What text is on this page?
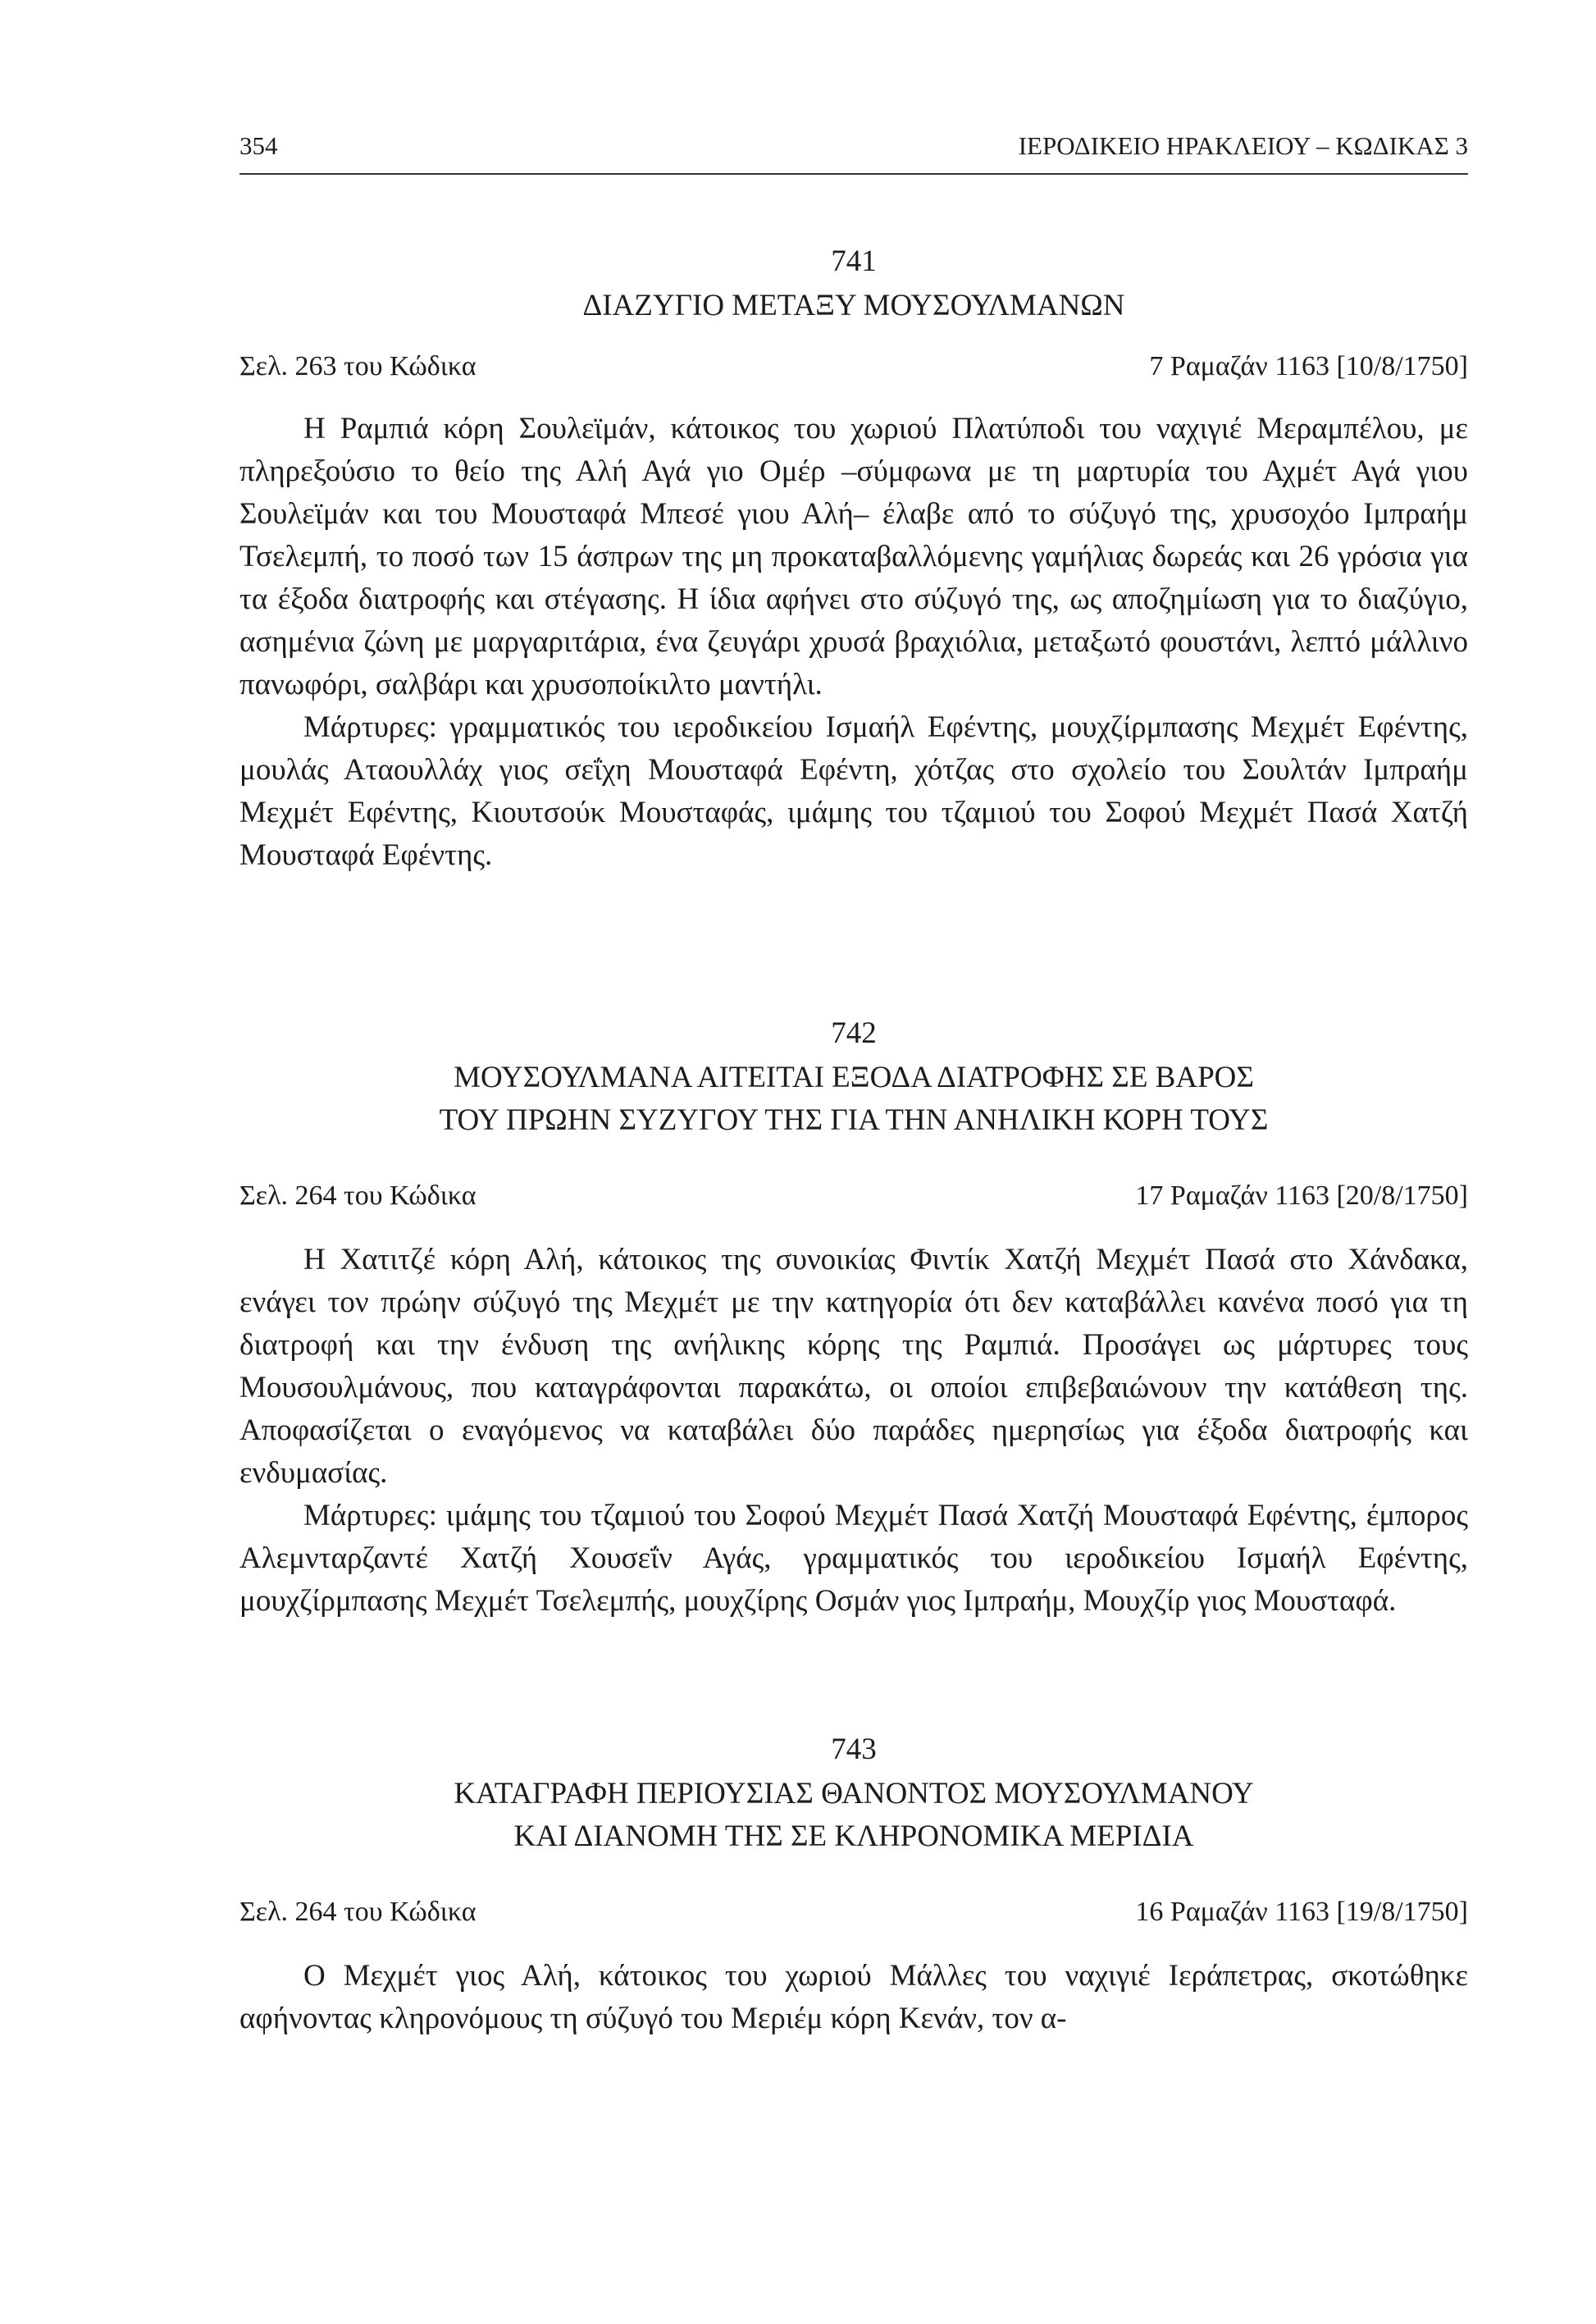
354	ΙΕΡΟΔΙΚΕΙΟ ΗΡΑΚΛΕΙΟΥ – ΚΩΔΙΚΑΣ 3
741
ΔΙΑΖΥΓΙΟ ΜΕΤΑΞΥ ΜΟΥΣΟΥΛΜΑΝΩΝ
Σελ. 263 του Κώδικα	7 Ραμαζάν 1163 [10/8/1750]

Η Ραμπιά κόρη Σουλεϊμάν, κάτοικος του χωριού Πλατύποδι του ναχιγιέ Μεραμπέλου, με πληρεξούσιο το θείο της Αλή Αγά γιο Ομέρ –σύμφωνα με τη μαρτυρία του Αχμέτ Αγά γιου Σουλεϊμάν και του Μουσταφά Μπεσέ γιου Αλή– έλαβε από το σύζυγό της, χρυσοχόο Ιμπραήμ Τσελεμπή, το ποσό των 15 άσπρων της μη προκαταβαλλόμενης γαμήλιας δωρεάς και 26 γρόσια για τα έξοδα διατροφής και στέγασης. Η ίδια αφήνει στο σύζυγό της, ως αποζημίωση για το διαζύγιο, ασημένια ζώνη με μαργαριτάρια, ένα ζευγάρι χρυσά βραχιόλια, μεταξωτό φουστάνι, λεπτό μάλλινο πανωφόρι, σαλβάρι και χρυσοποίκιλτο μαντήλι.

Μάρτυρες: γραμματικός του ιεροδικείου Ισμαήλ Εφέντης, μουχζίρμπασης Μεχμέτ Εφέντης, μουλάς Αταουλλάχ γιος σεΐχη Μουσταφά Εφέντη, χότζας στο σχολείο του Σουλτάν Ιμπραήμ Μεχμέτ Εφέντης, Κιουτσούκ Μουσταφάς, ιμάμης του τζαμιού του Σοφού Μεχμέτ Πασά Χατζή Μουσταφά Εφέντης.

742
ΜΟΥΣΟΥΛΜΑΝΑ ΑΙΤΕΙΤΑΙ ΕΞΟΔΑ ΔΙΑΤΡΟΦΗΣ ΣΕ ΒΑΡΟΣ
ΤΟΥ ΠΡΩΗΝ ΣΥΖΥΓΟΥ ΤΗΣ ΓΙΑ ΤΗΝ ΑΝΗΛΙΚΗ ΚΟΡΗ ΤΟΥΣ
Σελ. 264 του Κώδικα	17 Ραμαζάν 1163 [20/8/1750]

Η Χατιτζέ κόρη Αλή, κάτοικος της συνοικίας Φιντίκ Χατζή Μεχμέτ Πασά στο Χάνδακα, ενάγει τον πρώην σύζυγό της Μεχμέτ με την κατηγορία ότι δεν καταβάλλει κανένα ποσό για τη διατροφή και την ένδυση της ανήλικης κόρης της Ραμπιά. Προσάγει ως μάρτυρες τους Μουσουλμάνους, που καταγράφονται παρακάτω, οι οποίοι επιβεβαιώνουν την κατάθεση της. Αποφασίζεται ο εναγόμενος να καταβάλει δύο παράδες ημερησίως για έξοδα διατροφής και ενδυμασίας.

Μάρτυρες: ιμάμης του τζαμιού του Σοφού Μεχμέτ Πασά Χατζή Μουσταφά Εφέντης, έμπορος Αλεμνταρζαντέ Χατζή Χουσεΐν Αγάς, γραμματικός του ιεροδικείου Ισμαήλ Εφέντης, μουχζίρμπασης Μεχμέτ Τσελεμπής, μουχζίρης Οσμάν γιος Ιμπραήμ, Μουχζίρ γιος Μουσταφά.

743
ΚΑΤΑΓΡΑΦΗ ΠΕΡΙΟΥΣΙΑΣ ΘΑΝΟΝΤΟΣ ΜΟΥΣΟΥΛΜΑΝΟΥ
ΚΑΙ ΔΙΑΝΟΜΗ ΤΗΣ ΣΕ ΚΛΗΡΟΝΟΜΙΚΑ ΜΕΡΙΔΙΑ
Σελ. 264 του Κώδικα	16 Ραμαζάν 1163 [19/8/1750]

Ο Μεχμέτ γιος Αλή, κάτοικος του χωριού Μάλλες του ναχιγιέ Ιεράπετρας, σκοτώθηκε αφήνοντας κληρονόμους τη σύζυγό του Μεριέμ κόρη Κενάν, τον α-
